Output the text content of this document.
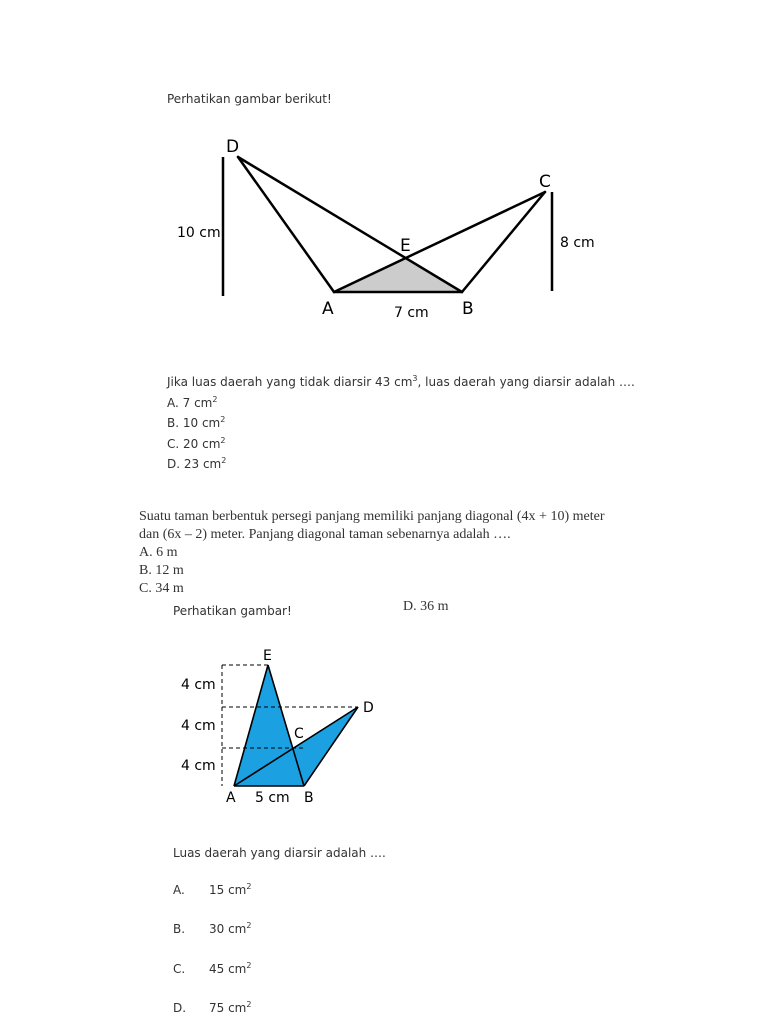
Perhatikan gambar berikut!
D
C
E
A	B
10 cm
8 cm
7 cm
Jika luas daerah yang tidak diarsir 43 $cm^3$, luas daerah yang diarsir adalah ….
A. 7 $cm^2$
B. 10 $cm^2$
C. 20 $cm^2$
D. 23 $cm^2$
Suatu taman berbentuk persegi panjang memiliki panjang diagonal (4x + 10) meter
dan (6x – 2) meter. Panjang diagonal taman sebenarnya adalah ….
A. 6 m
B. 12 m
C. 34 m
D. 36 m
Perhatikan gambar!
E
D
C
A	B
4 cm
4 cm
4 cm
5 cm
Luas daerah yang diarsir adalah ….
A. 15 $cm^2$
B. 30 $cm^2$
C. 45 $cm^2$
D. 75 $cm^2$
